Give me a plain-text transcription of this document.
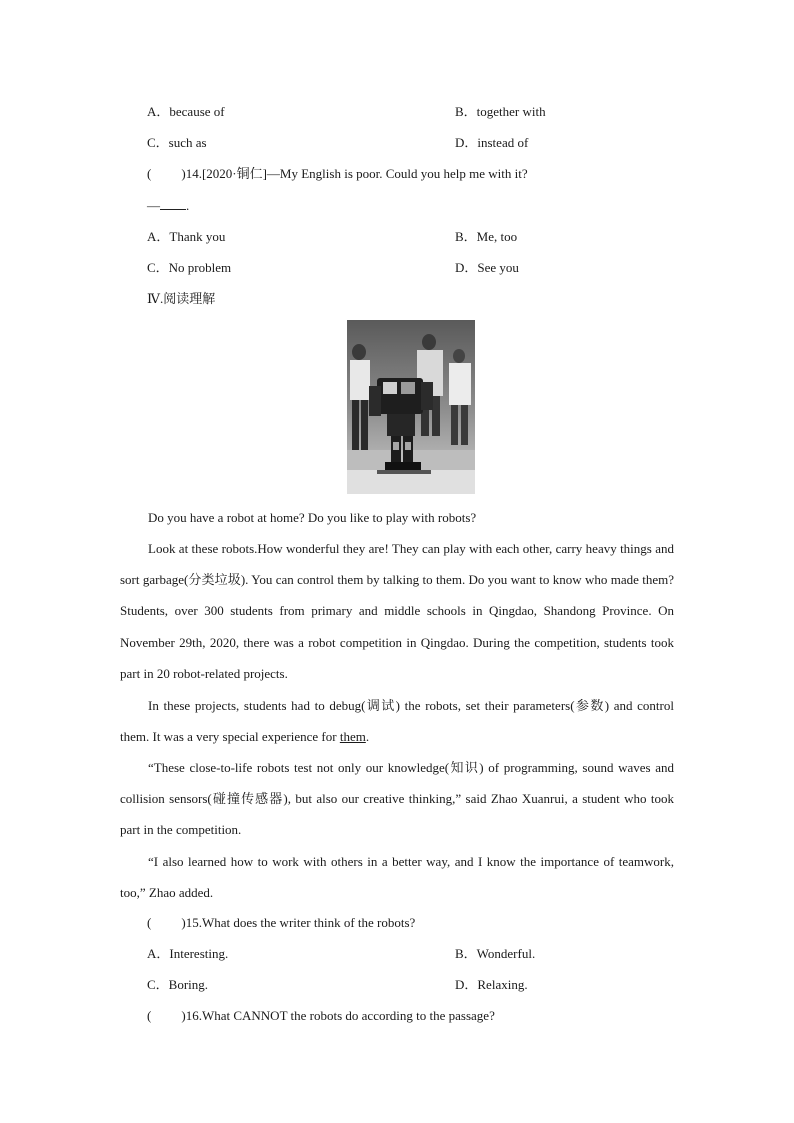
A．because of	B．together with
C．such as	D．instead of
( )14.[2020·铜仁]—My English is poor. Could you help me with it?
— .
A．Thank you	B．Me, too
C．No problem	D．See you
Ⅳ.阅读理解
Do you have a robot at home? Do you like to play with robots?
Look at these robots.How wonderful they are! They can play with each other, carry heavy things and sort garbage(分类垃圾). You can control them by talking to them. Do you want to know who made them? Students, over 300 students from primary and middle schools in Qingdao, Shandong Province. On November 29th, 2020, there was a robot competition in Qingdao. During the competition, students took part in 20 robot-related projects.
In these projects, students had to debug(调试) the robots, set their parameters(参数) and control them. It was a very special experience for them.
“These close-to-life robots test not only our knowledge(知识) of programming, sound waves and collision sensors(碰撞传感器), but also our creative thinking,” said Zhao Xuanrui, a student who took part in the competition.
“I also learned how to work with others in a better way, and I know the importance of teamwork, too,” Zhao added.
( )15.What does the writer think of the robots?
A．Interesting.	B．Wonderful.
C．Boring.	D．Relaxing.
( )16.What CANNOT the robots do according to the passage?
